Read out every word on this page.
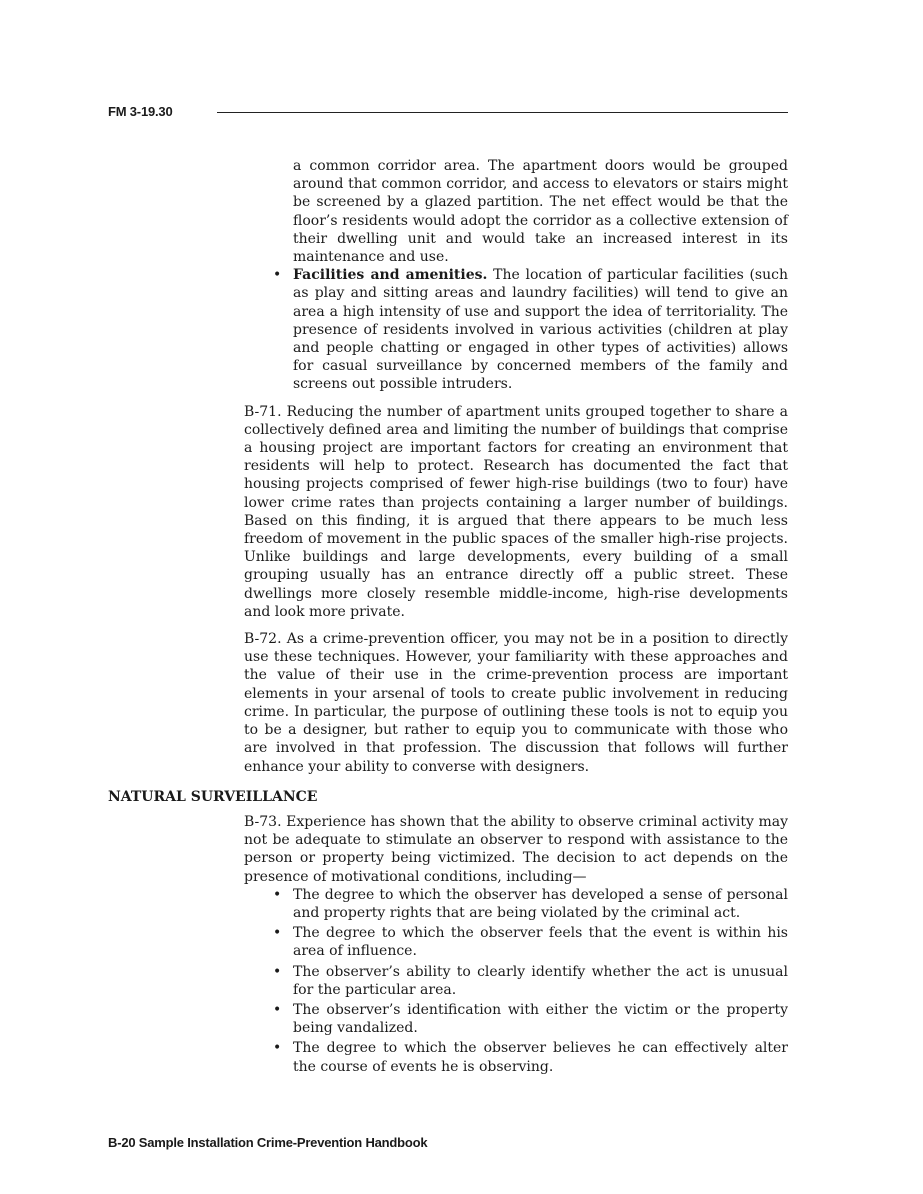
FM 3-19.30

a common corridor area. The apartment doors would be grouped around that common corridor, and access to elevators or stairs might be screened by a glazed partition. The net effect would be that the floor’s residents would adopt the corridor as a collective extension of their dwelling unit and would take an increased interest in its maintenance and use.

• Facilities and amenities. The location of particular facilities (such as play and sitting areas and laundry facilities) will tend to give an area a high intensity of use and support the idea of territoriality. The presence of residents involved in various activities (children at play and people chatting or engaged in other types of activities) allows for casual surveillance by concerned members of the family and screens out possible intruders.

B-71. Reducing the number of apartment units grouped together to share a collectively defined area and limiting the number of buildings that comprise a housing project are important factors for creating an environment that residents will help to protect. Research has documented the fact that housing projects comprised of fewer high-rise buildings (two to four) have lower crime rates than projects containing a larger number of buildings. Based on this finding, it is argued that there appears to be much less freedom of movement in the public spaces of the smaller high-rise projects. Unlike buildings and large developments, every building of a small grouping usually has an entrance directly off a public street. These dwellings more closely resemble middle-income, high-rise developments and look more private.

B-72. As a crime-prevention officer, you may not be in a position to directly use these techniques. However, your familiarity with these approaches and the value of their use in the crime-prevention process are important elements in your arsenal of tools to create public involvement in reducing crime. In particular, the purpose of outlining these tools is not to equip you to be a designer, but rather to equip you to communicate with those who are involved in that profession. The discussion that follows will further enhance your ability to converse with designers.

NATURAL SURVEILLANCE

B-73. Experience has shown that the ability to observe criminal activity may not be adequate to stimulate an observer to respond with assistance to the person or property being victimized. The decision to act depends on the presence of motivational conditions, including—

• The degree to which the observer has developed a sense of personal and property rights that are being violated by the criminal act.
• The degree to which the observer feels that the event is within his area of influence.
• The observer’s ability to clearly identify whether the act is unusual for the particular area.
• The observer’s identification with either the victim or the property being vandalized.
• The degree to which the observer believes he can effectively alter the course of events he is observing.
B-20 Sample Installation Crime-Prevention Handbook
